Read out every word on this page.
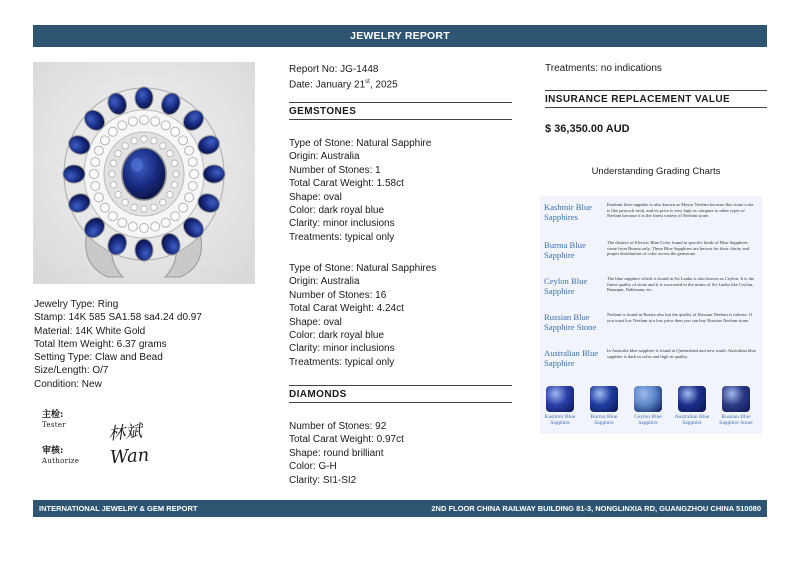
JEWELRY REPORT
Jewelry Type: Ring
Stamp: 14K 585 SA1.58 sa4.24 d0.97
Material: 14K White Gold
Total Item Weight: 6.37 grams
Setting Type: Claw and Bead
Size/Length: O/7
Condition: New
主检:
Tester 林斌
审核:
Authorize Wan
Report No: JG-1448
Date: January 21st, 2025
GEMSTONES
Type of Stone: Natural Sapphire
Origin: Australia
Number of Stones: 1
Total Carat Weight: 1.58ct
Shape: oval
Color: dark royal blue
Clarity: minor inclusions
Treatments: typical only
Type of Stone: Natural Sapphires
Origin: Australia
Number of Stones: 16
Total Carat Weight: 4.24ct
Shape: oval
Color: dark royal blue
Clarity: minor inclusions
Treatments: typical only
DIAMONDS
Number of Stones: 92
Total Carat Weight: 0.97ct
Shape: round brilliant
Color: G-H
Clarity: SI1-SI2
Treatments: no indications
INSURANCE REPLACEMENT VALUE
$ 36,350.00 AUD
Understanding Grading Charts
Kashmir Blue Sapphires
Kashmir blue sapphire is also known as Mayur Neelam because this stone color is like peacock neck, and its price is very high as compare to other types of Neelam because it is the finest variety of Neelam stone.
Burma Blue Sapphire
The distinct of Electric Blue Color found in specific kinds of Blue Sapphires come from Burma only. These Blue Sapphires are known for their clarity and proper distribution of color across the gemstone.
Ceylon Blue Sapphire
The blue sapphire which is found in Sri Lanka is also known as Ceylon. It is the finest quality of stone and it is excavated in the mines of Sri Lanka like Ceylon, Ratanpur, Rakbaana, etc.
Russian Blue Sapphire Stone
Neelam is found in Russia also but the quality of Russian Neelam is inferior. If you want low Neelam at a low price then you can buy Russian Neelam stone.
Australian Blue Sapphire
In Australia blue sapphire is found in Queensland and new south. Australian blue sapphire is dark in color and high in quality.
Kashmir Blue Sapphire
Burma Blue Sapphire
Ceylon Blue Sapphire
Australian Blue Sapphire
Russian Blue Sapphire Stone
INTERNATIONAL JEWELRY & GEM REPORT	2ND FLOOR CHINA RAILWAY BUILDING 81-3, NONGLINXIA RD, GUANGZHOU CHINA 510080
